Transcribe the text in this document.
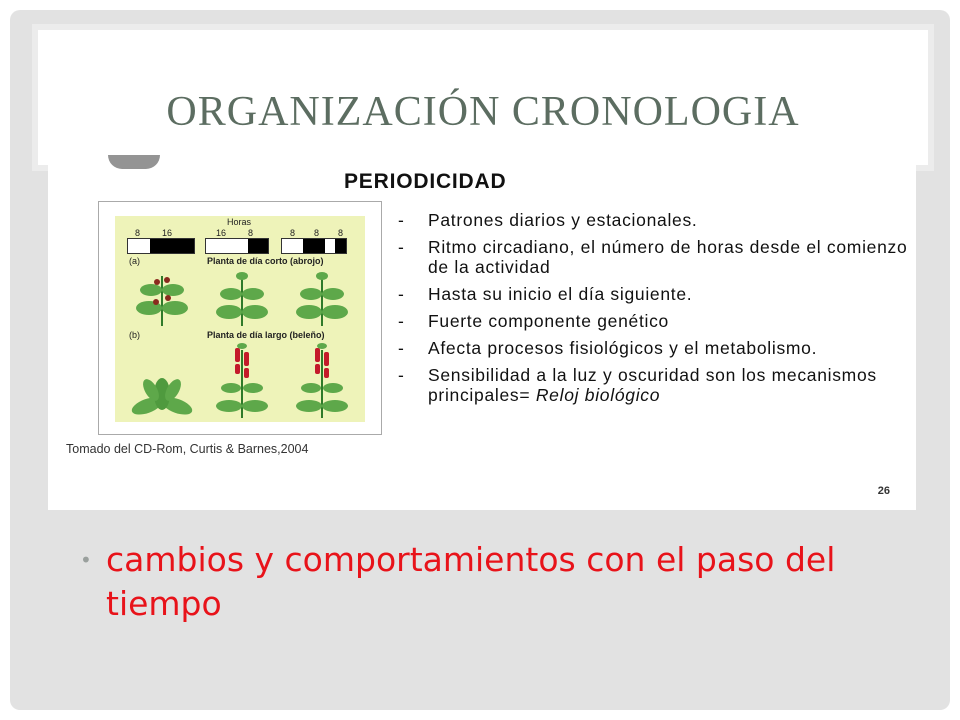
ORGANIZACIÓN CRONOLOGIA
PERIODICIDAD
Horas
8 16	16 8	8 8 8
(a)	Planta de día corto (abrojo)
(b)	Planta de día largo (beleño)
Tomado del CD-Rom, Curtis & Barnes,2004
- Patrones diarios y estacionales.
- Ritmo circadiano, el número de horas desde el comienzo de la actividad
- Hasta su inicio el día siguiente.
- Fuerte componente genético
- Afecta procesos fisiológicos y el metabolismo.
- Sensibilidad a la luz y oscuridad son los mecanismos principales= Reloj biológico
26
• cambios y comportamientos con el paso del tiempo
